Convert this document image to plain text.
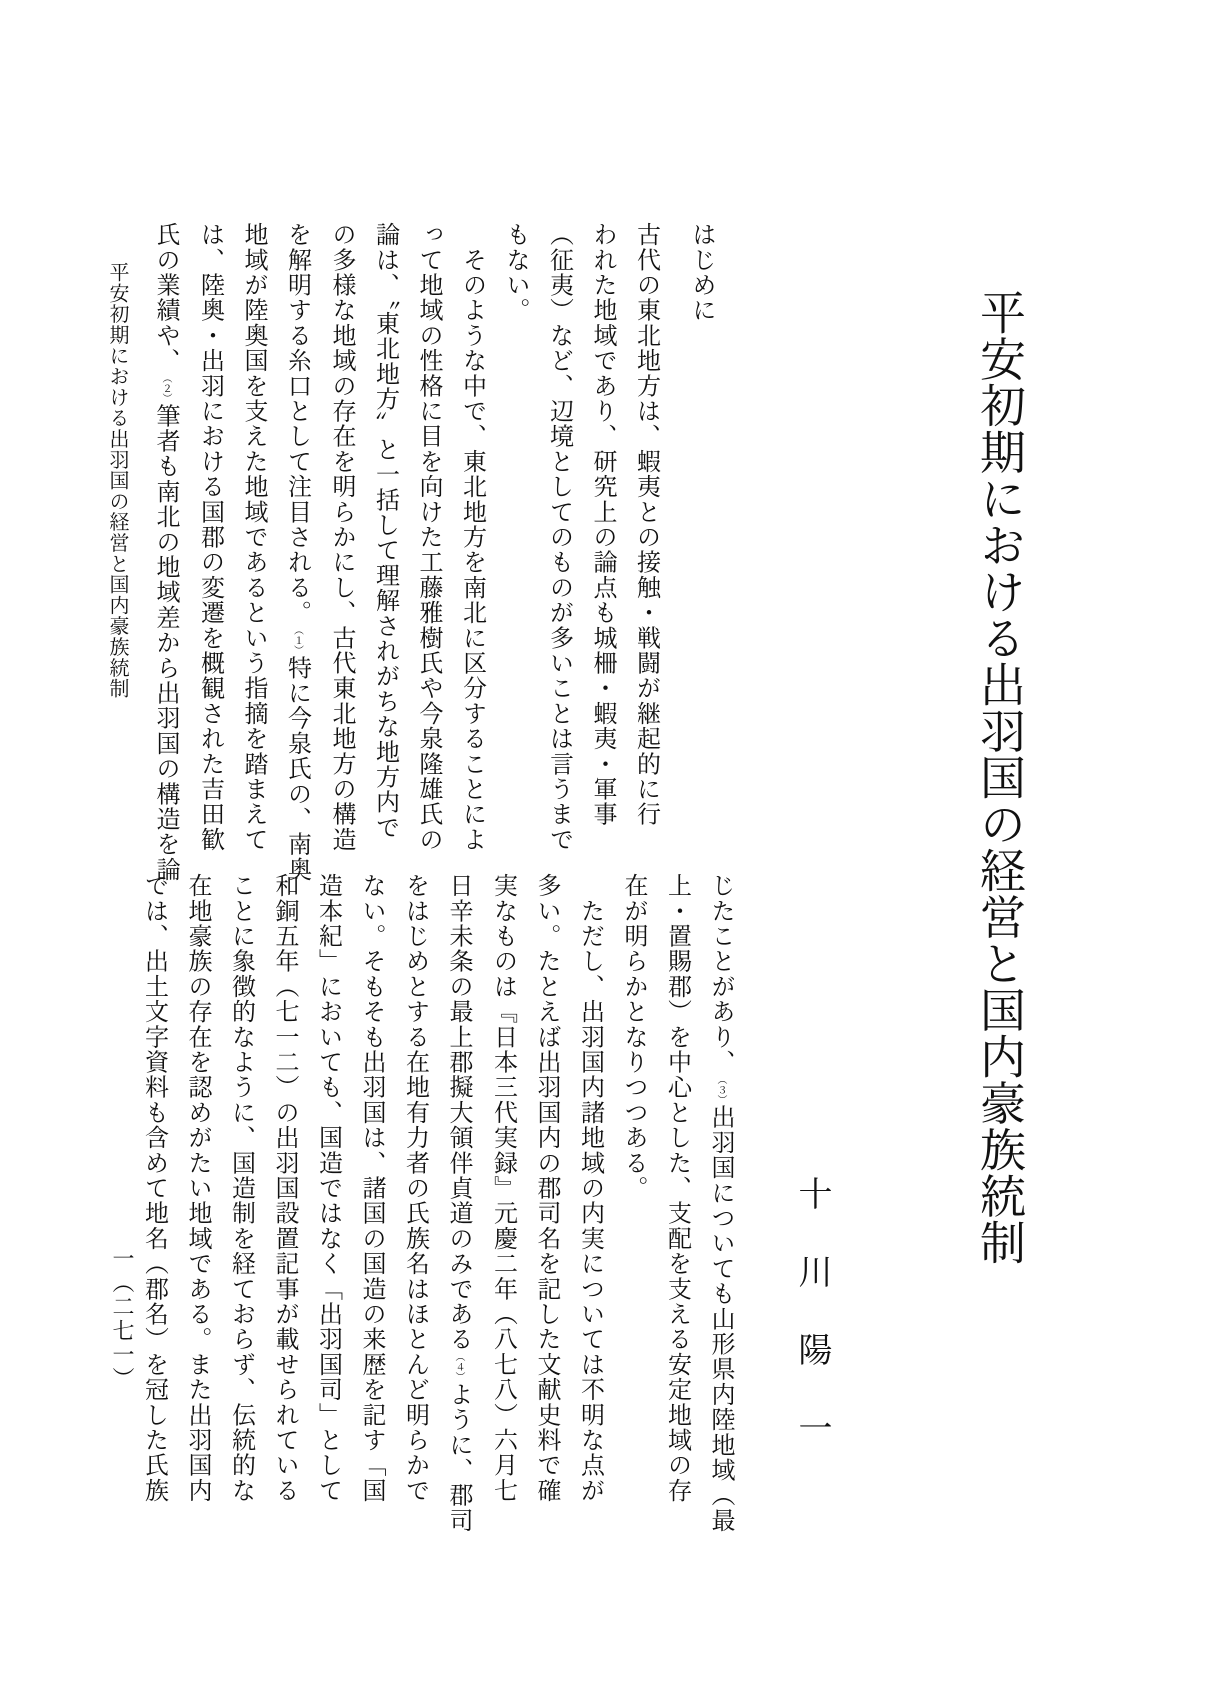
平安初期における出羽国の経営と国内豪族統制
十川陽一
はじめに
古代の東北地方は、蝦夷との接触・戦闘が継起的に行
われた地域であり、研究上の論点も城柵・蝦夷・軍事
（征夷）など、辺境としてのものが多いことは言うまで
もない。
　そのような中で、東北地方を南北に区分することによ
って地域の性格に目を向けた工藤雅樹氏や今泉隆雄氏の
論は、〝東北地方〟と一括して理解されがちな地方内で
の多様な地域の存在を明らかにし、古代東北地方の構造
を解明する糸口として注目される。︵１︶特に今泉氏の、南奥
地域が陸奥国を支えた地域であるという指摘を踏まえて
は、陸奥・出羽における国郡の変遷を概観された吉田歓
氏の業績や、︵２︶筆者も南北の地域差から出羽国の構造を論
じたことがあり、︵３︶出羽国についても山形県内陸地域（最
上・置賜郡）を中心とした、支配を支える安定地域の存
在が明らかとなりつつある。
　ただし、出羽国内諸地域の内実については不明な点が
多い。たとえば出羽国内の郡司名を記した文献史料で確
実なものは『日本三代実録』元慶二年（八七八）六月七
日辛未条の最上郡擬大領伴貞道のみである︵４︶ように、郡司
をはじめとする在地有力者の氏族名はほとんど明らかで
ない。そもそも出羽国は、諸国の国造の来歴を記す「国
造本紀」においても、国造ではなく「出羽国司」として
和銅五年（七一二）の出羽国設置記事が載せられている
ことに象徴的なように、国造制を経ておらず、伝統的な
在地豪族の存在を認めがたい地域である。また出羽国内
では、出土文字資料も含めて地名（郡名）を冠した氏族
平安初期における出羽国の経営と国内豪族統制
一（二七一）
